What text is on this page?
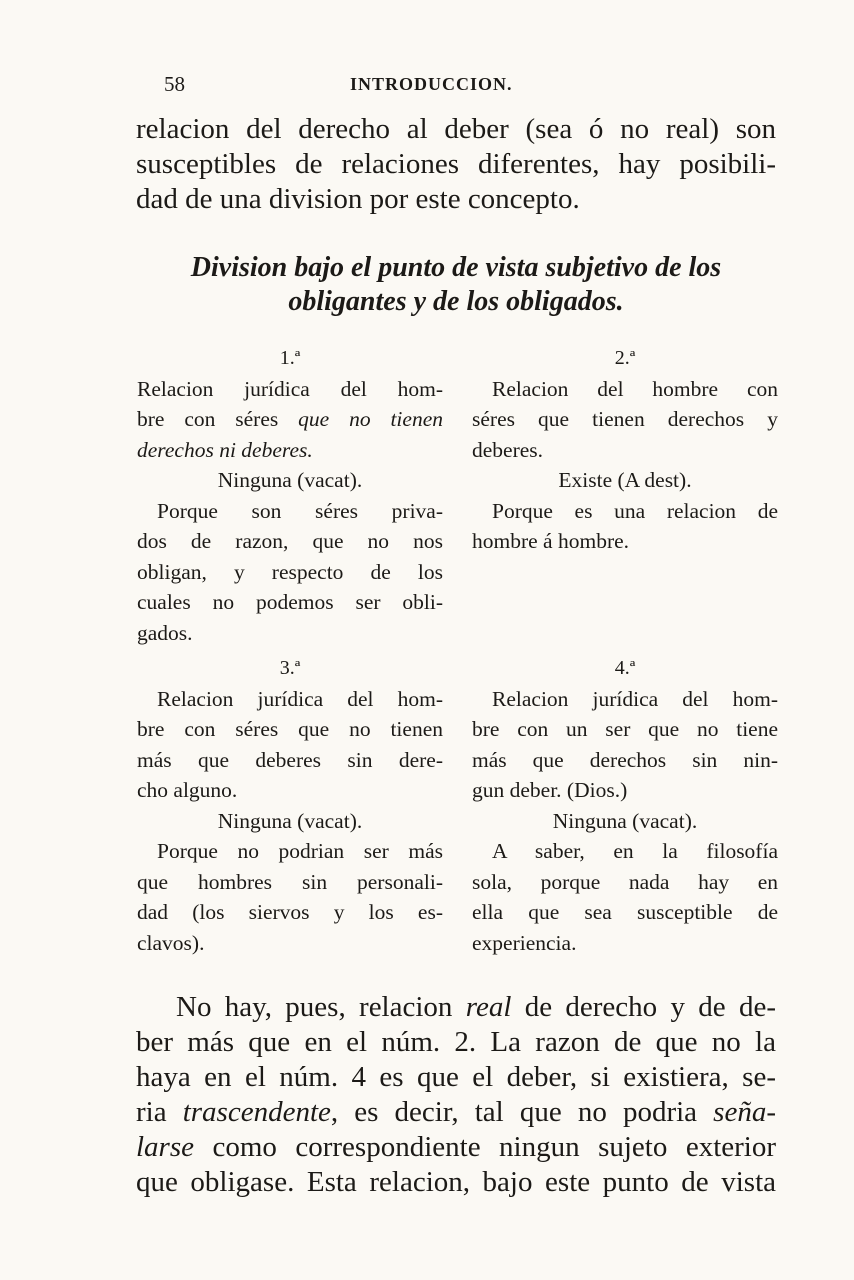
58	INTRODUCCION.
relacion del derecho al deber (sea ó no real) son
susceptibles de relaciones diferentes, hay posibili-
dad de una division por este concepto.
Division bajo el punto de vista subjetivo de los
obligantes y de los obligados.
1.ª
Relacion jurídica del hom-
bre con séres que no tienen
derechos ni deberes.
Ninguna (vacat).
Porque son séres priva-
dos de razon, que no nos
obligan, y respecto de los
cuales no podemos ser obli-
gados.
2.ª
Relacion del hombre con
séres que tienen derechos y
deberes.
Existe (A dest).
Porque es una relacion de
hombre á hombre.
3.ª
Relacion jurídica del hom-
bre con séres que no tienen
más que deberes sin dere-
cho alguno.
Ninguna (vacat).
Porque no podrian ser más
que hombres sin personali-
dad (los siervos y los es-
clavos).
4.ª
Relacion jurídica del hom-
bre con un ser que no tiene
más que derechos sin nin-
gun deber. (Dios.)
Ninguna (vacat).
A saber, en la filosofía
sola, porque nada hay en
ella que sea susceptible de
experiencia.
No hay, pues, relacion real de derecho y de de-
ber más que en el núm. 2. La razon de que no la
haya en el núm. 4 es que el deber, si existiera, se-
ria trascendente, es decir, tal que no podria seña-
larse como correspondiente ningun sujeto exterior
que obligase. Esta relacion, bajo este punto de vista
